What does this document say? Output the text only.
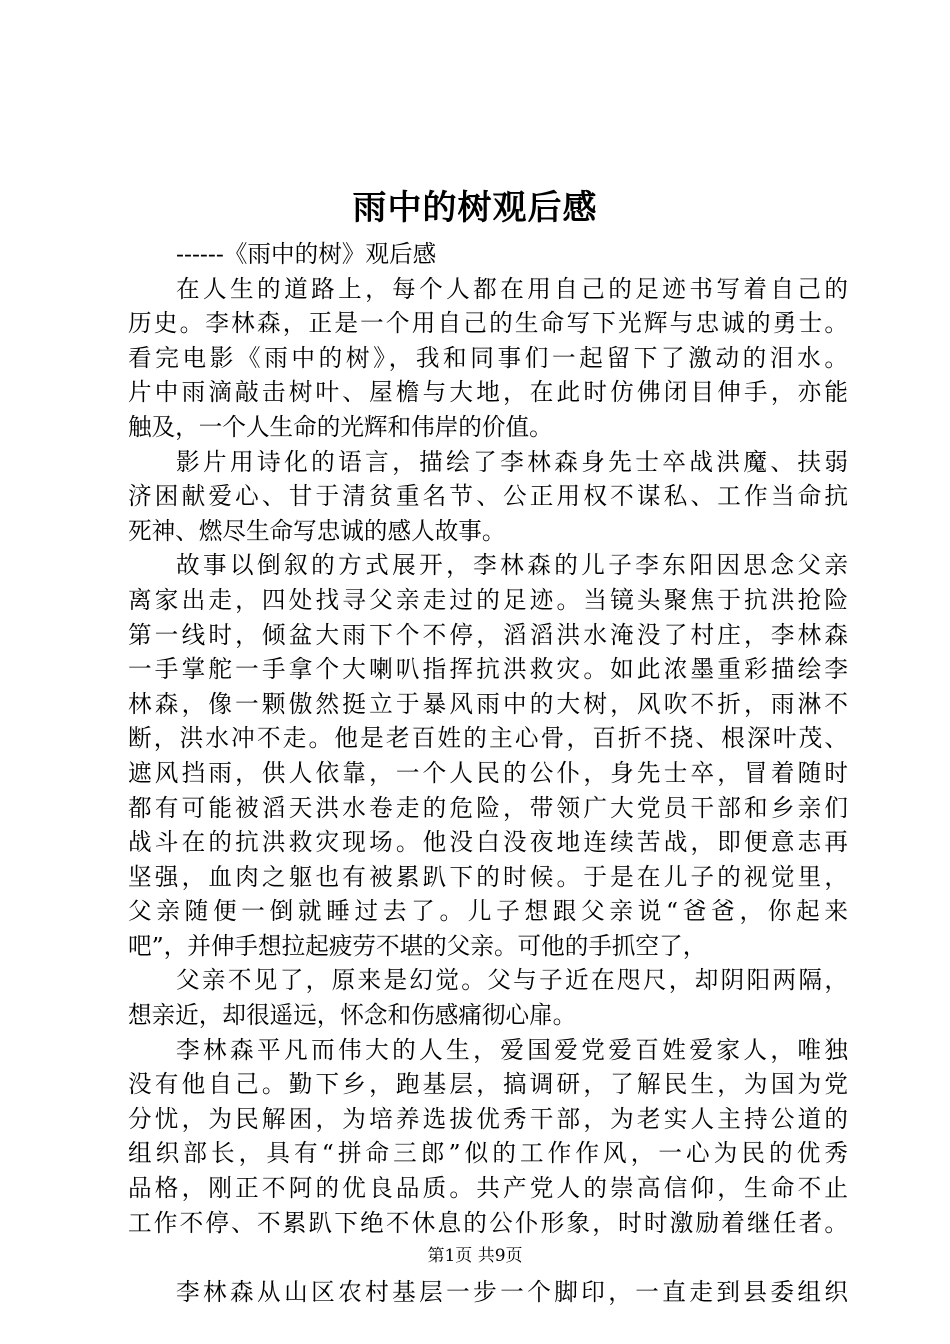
雨中的树观后感
------《雨中的树》观后感
在人生的道路上，每个人都在用自己的足迹书写着自己的
历史。李林森，正是一个用自己的生命写下光辉与忠诚的勇士。
看完电影《雨中的树》，我和同事们一起留下了激动的泪水。
片中雨滴敲击树叶、屋檐与大地，在此时仿佛闭目伸手，亦能
触及，一个人生命的光辉和伟岸的价值。
影片用诗化的语言，描绘了李林森身先士卒战洪魔、扶弱
济困献爱心、甘于清贫重名节、公正用权不谋私、工作当命抗
死神、燃尽生命写忠诚的感人故事。
故事以倒叙的方式展开，李林森的儿子李东阳因思念父亲
离家出走，四处找寻父亲走过的足迹。当镜头聚焦于抗洪抢险
第一线时，倾盆大雨下个不停，滔滔洪水淹没了村庄，李林森
一手掌舵一手拿个大喇叭指挥抗洪救灾。如此浓墨重彩描绘李
林森，像一颗傲然挺立于暴风雨中的大树，风吹不折，雨淋不
断，洪水冲不走。他是老百姓的主心骨，百折不挠、根深叶茂、
遮风挡雨，供人依靠，一个人民的公仆，身先士卒，冒着随时
都有可能被滔天洪水卷走的危险，带领广大党员干部和乡亲们
战斗在的抗洪救灾现场。他没白没夜地连续苦战，即便意志再
坚强，血肉之躯也有被累趴下的时候。于是在儿子的视觉里，
父亲随便一倒就睡过去了。儿子想跟父亲说“爸爸，你起来
吧”，并伸手想拉起疲劳不堪的父亲。可他的手抓空了，
父亲不见了，原来是幻觉。父与子近在咫尺，却阴阳两隔，
想亲近，却很遥远，怀念和伤感痛彻心扉。
李林森平凡而伟大的人生，爱国爱党爱百姓爱家人，唯独
没有他自己。勤下乡，跑基层，搞调研，了解民生，为国为党
分忧，为民解困，为培养选拔优秀干部，为老实人主持公道的
组织部长，具有“拼命三郎”似的工作作风，一心为民的优秀
品格，刚正不阿的优良品质。共产党人的崇高信仰，生命不止
工作不停、不累趴下绝不休息的公仆形象，时时激励着继任者。
李林森从山区农村基层一步一个脚印，一直走到县委组织
第1页 共9页
